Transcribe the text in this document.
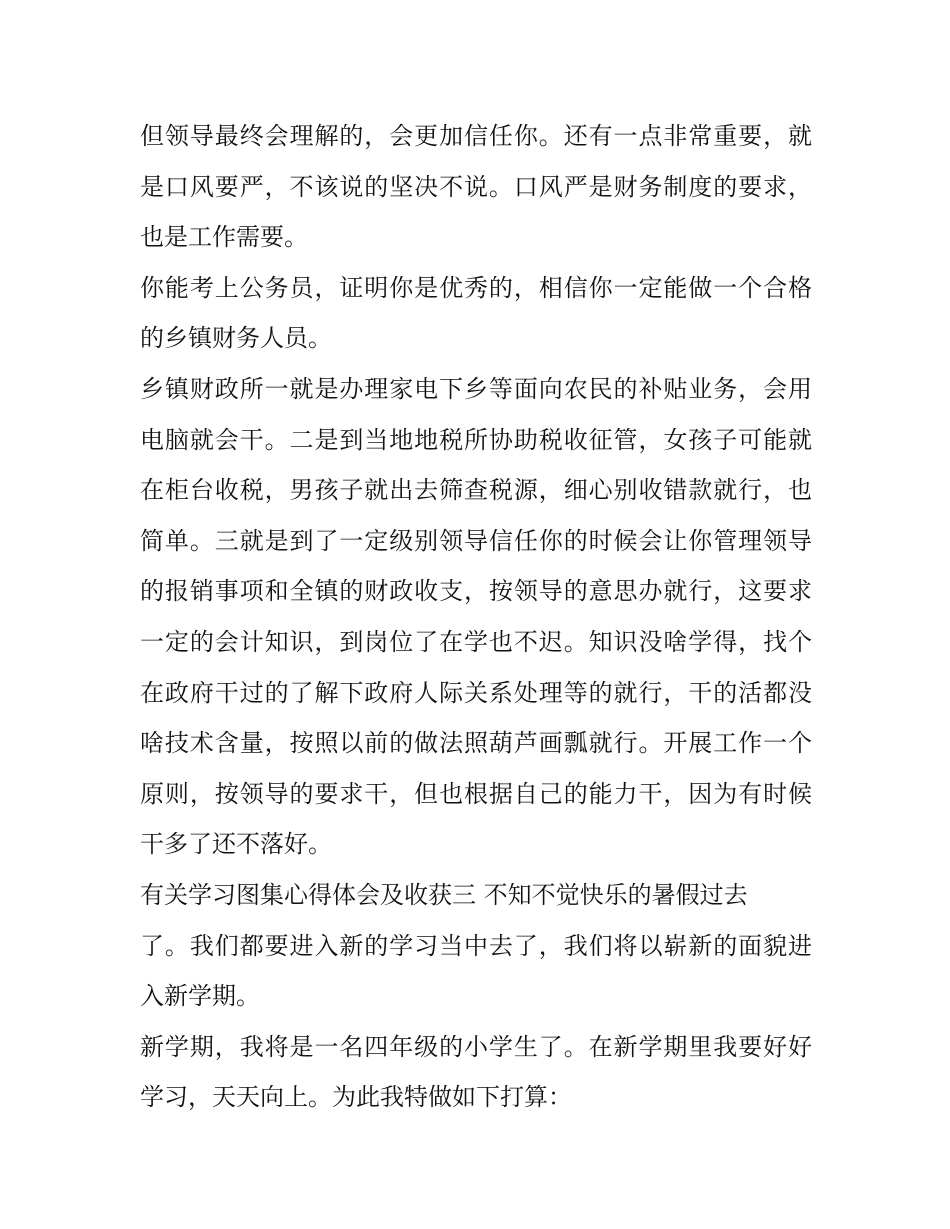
但领导最终会理解的，会更加信任你。还有一点非常重要，就
是口风要严，不该说的坚决不说。口风严是财务制度的要求，
也是工作需要。
你能考上公务员，证明你是优秀的，相信你一定能做一个合格
的乡镇财务人员。
乡镇财政所一就是办理家电下乡等面向农民的补贴业务，会用
电脑就会干。二是到当地地税所协助税收征管，女孩子可能就
在柜台收税，男孩子就出去筛查税源，细心别收错款就行，也
简单。三就是到了一定级别领导信任你的时候会让你管理领导
的报销事项和全镇的财政收支，按领导的意思办就行，这要求
一定的会计知识，到岗位了在学也不迟。知识没啥学得，找个
在政府干过的了解下政府人际关系处理等的就行，干的活都没
啥技术含量，按照以前的做法照葫芦画瓢就行。开展工作一个
原则，按领导的要求干，但也根据自己的能力干，因为有时候
干多了还不落好。
有关学习图集心得体会及收获三 不知不觉快乐的暑假过去
了。我们都要进入新的学习当中去了，我们将以崭新的面貌进
入新学期。
新学期，我将是一名四年级的小学生了。在新学期里我要好好
学习，天天向上。为此我特做如下打算：
